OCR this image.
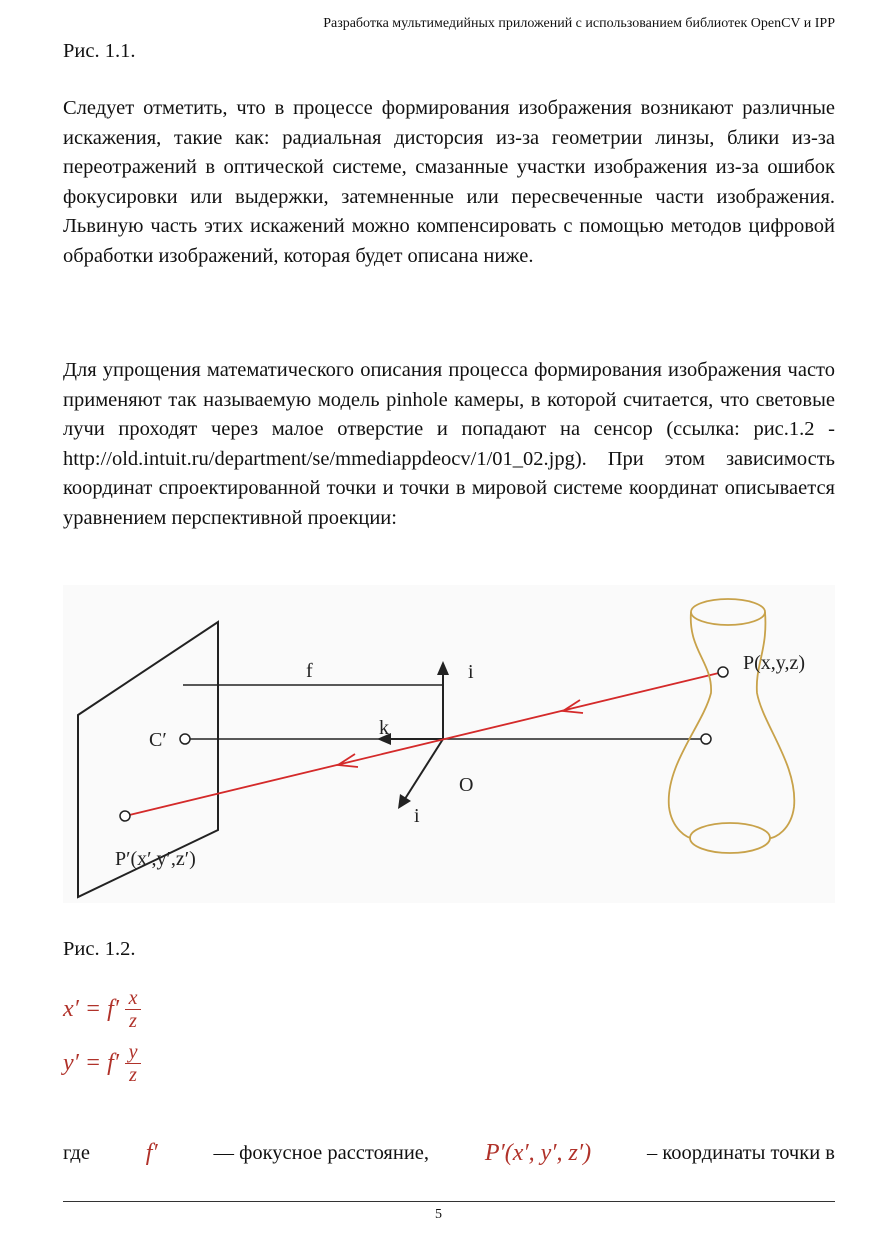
Разработка мультимедийных приложений с использованием библиотек OpenCV и IPP
Рис. 1.1.
Следует отметить, что в процессе формирования изображения возникают различные искажения, такие как: радиальная дисторсия из-за геометрии линзы, блики из-за переотражений в оптической системе, смазанные участки изображения из-за ошибок фокусировки или выдержки, затемненные или пересвеченные части изображения. Львиную часть этих искажений можно компенсировать с помощью методов цифровой обработки изображений, которая будет описана ниже.
Для упрощения математического описания процесса формирования изображения часто применяют так называемую модель pinhole камеры, в которой считается, что световые лучи проходят через малое отверстие и попадают на сенсор (ссылка: рис.1.2 -
http://old.intuit.ru/department/se/mmediappdeocv/1/01_02.jpg). При этом зависимость координат спроектированной точки и точки в мировой системе координат описывается уравнением перспективной проекции:
f	i
k
C′
O
i
P(x,y,z)
P′(x′,y′,z′)
Рис. 1.2.
$x' = f' \frac{x}{z}$
$y' = f' \frac{y}{z}$
где f′	— фокусное расстояние, P′(x′, y′, z′)	– координаты точки в
5
